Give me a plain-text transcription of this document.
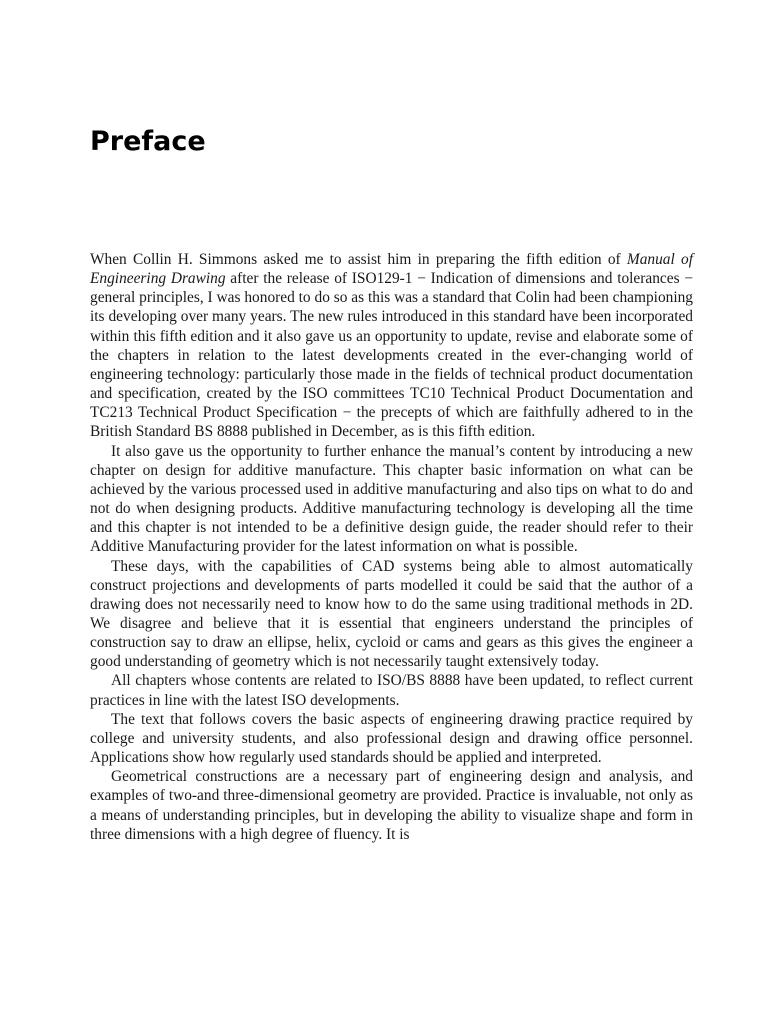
Preface

When Collin H. Simmons asked me to assist him in preparing the fifth edition of Manual of Engineering Drawing after the release of ISO129-1 − Indication of dimensions and tolerances − general principles, I was honored to do so as this was a standard that Colin had been championing its developing over many years. The new rules introduced in this standard have been incorporated within this fifth edition and it also gave us an opportunity to update, revise and elaborate some of the chapters in relation to the latest developments created in the ever-changing world of engineering technology: particularly those made in the fields of technical product documentation and specification, created by the ISO committees TC10 Technical Product Documentation and TC213 Technical Product Specification − the precepts of which are faithfully adhered to in the British Standard BS 8888 published in December, as is this fifth edition.

It also gave us the opportunity to further enhance the manual’s content by introducing a new chapter on design for additive manufacture. This chapter basic information on what can be achieved by the various processed used in additive manufacturing and also tips on what to do and not do when designing products. Additive manufacturing technology is developing all the time and this chapter is not intended to be a definitive design guide, the reader should refer to their Additive Manufacturing provider for the latest information on what is possible.

These days, with the capabilities of CAD systems being able to almost automatically construct projections and developments of parts modelled it could be said that the author of a drawing does not necessarily need to know how to do the same using traditional methods in 2D. We disagree and believe that it is essential that engineers understand the principles of construction say to draw an ellipse, helix, cycloid or cams and gears as this gives the engineer a good understanding of geometry which is not necessarily taught extensively today.

All chapters whose contents are related to ISO/BS 8888 have been updated, to reflect current practices in line with the latest ISO developments.

The text that follows covers the basic aspects of engineering drawing practice required by college and university students, and also professional design and drawing office personnel. Applications show how regularly used standards should be applied and interpreted.

Geometrical constructions are a necessary part of engineering design and analysis, and examples of two-and three-dimensional geometry are provided. Practice is invaluable, not only as a means of understanding principles, but in developing the ability to visualize shape and form in three dimensions with a high degree of fluency. It is
